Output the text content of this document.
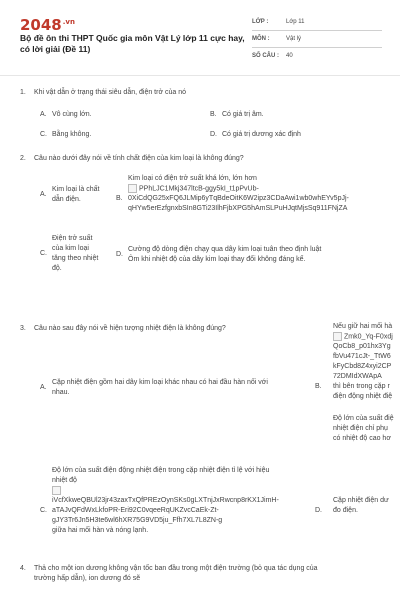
$2048^{.vn}$
Bộ đề ôn thi THPT Quốc gia môn Vật Lý lớp 11 cực hay, có lời giải (Đề 11)
LỚP :	Lớp 11
MÔN :	Vật lý
SỐ CÂU :	40
1.	Khi vật dẫn ở trạng thái siêu dẫn, điện trở của nó
A. Vô cùng lớn.	B. Có giá trị âm.
C. Bằng không.	D. Có giá trị dương xác định
2.	Câu nào dưới đây nói về tính chất điện của kim loại là không đúng?
A.
Kim loại là chất
dẫn điện.	B.
Kim loại có điện trở suất khá lớn, lớn hơn
PPhLJC1Mkj347ltcB-ggy5kI_t1pPvUb-
0XiCdQG25xFQ6JLMip6yTqBdeOitK6W2ipz3CDaAwi1wb0whEYv5pJj-
qHYw5erEzfgnxbSIn8GTi23IlhFjbXPG5hAmSLPuHJqtMjsSq911FNjZA
C.
Điện trở suất
của kim loại
tăng theo nhiệt
độ.
D.
Cường độ dòng điện chạy qua dây kim loại tuân theo định luật
Ôm khi nhiệt độ của dây kim loại thay đổi không đáng kể.
3.	Câu nào sau đây nói về hiện tượng nhiệt điện là không đúng?
A.
Cặp nhiệt điện gồm hai dây kim loại khác nhau có hai đầu hàn nối với
nhau.
B.
Nếu giữ hai mối hà
Zmk0_Yq-F0xdj
QoCb8_p01hx3Yg
fbVu471cJt-_TtW6
kFyCbd8Z4xyi2CP
72DMIdXWApA
thì bên trong cặp r
điện động nhiệt điệ

Độ lớn của suất điệ
nhiệt điện chỉ phụ
có nhiệt độ cao hơ
C.
Độ lớn của suất điện động nhiệt điện trong cặp nhiệt điện tỉ lệ với hiệu
nhiệt độ

iVcfXkweQBUl23jr43zaxTxQfPREzOynSKs0gLXTnjJxRwcnp8rKX1JimH-
aTAJvQFdWxLkfoPR-Eri92C0vqeeRqUKZvcCaEk-Zt-
gJY3Tr6Jn5H3te6wl6hXR75G9VD5ju_Ffh7XL7L8ZN-g
giữa hai mối hàn và nóng lạnh.
D.
Cặp nhiệt điện dư
đo điện.
4.	Thả cho một ion dương không vận tốc ban đầu trong một điện trường (bỏ qua tác dụng của
trường hấp dẫn), ion dương đó sẽ
